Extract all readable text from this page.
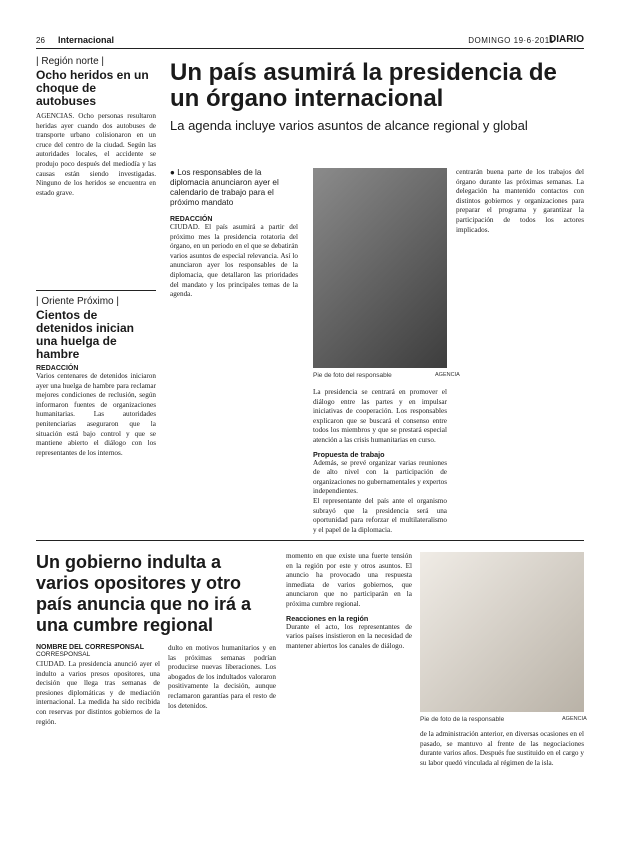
26 Internacional	DOMINGO 19·6·2011
DIARIO
| Región norte |
Ocho heridos en un choque de autobuses
AGENCIAS. Ocho personas resultaron heridas ayer cuando dos autobuses de transporte urbano colisionaron en un cruce del centro de la ciudad. Según las autoridades locales, el accidente se produjo poco después del mediodía y las causas están siendo investigadas. Ninguno de los heridos se encuentra en estado grave.
| Oriente Próximo |
Cientos de detenidos inician una huelga de hambre
REDACCIÓN
Varios centenares de detenidos iniciaron ayer una huelga de hambre para reclamar mejores condiciones de reclusión, según informaron fuentes de organizaciones humanitarias. Las autoridades penitenciarias aseguraron que la situación está bajo control y que se mantiene abierto el diálogo con los representantes de los internos.
Un país asumirá la presidencia de un órgano internacional
La agenda incluye varios asuntos de alcance regional y global
● Los responsables de la diplomacia anunciaron ayer el calendario de trabajo para el próximo mandato
REDACCIÓN
CIUDAD. El país asumirá a partir del próximo mes la presidencia rotatoria del órgano, en un periodo en el que se debatirán varios asuntos de especial relevancia. Así lo anunciaron ayer los responsables de la diplomacia, que detallaron las prioridades del mandato y los principales temas de la agenda.
Pie de foto del responsable	AGENCIA
La presidencia se centrará en promover el diálogo entre las partes y en impulsar iniciativas de cooperación. Los responsables explicaron que se buscará el consenso entre todos los miembros y que se prestará especial atención a las crisis humanitarias en curso.
Propuesta de trabajo
Además, se prevé organizar varias reuniones de alto nivel con la participación de organizaciones no gubernamentales y expertos independientes.
El representante del país ante el organismo subrayó que la presidencia será una oportunidad para reforzar el multilateralismo y el papel de la diplomacia.
centrarán buena parte de los trabajos del órgano durante las próximas semanas. La delegación ha mantenido contactos con distintos gobiernos y organizaciones para preparar el programa y garantizar la participación de todos los actores implicados.
Un gobierno indulta a varios opositores y otro país anuncia que no irá a una cumbre regional
NOMBRE DEL CORRESPONSAL
CORRESPONSAL
CIUDAD. La presidencia anunció ayer el indulto a varios presos opositores, una decisión que llega tras semanas de presiones diplomáticas y de mediación internacional. La medida ha sido recibida con reservas por distintos gobiernos de la región.
dulto en motivos humanitarios y en las próximas semanas podrían producirse nuevas liberaciones. Los abogados de los indultados valoraron positivamente la decisión, aunque reclamaron garantías para el resto de los detenidos.
momento en que existe una fuerte tensión en la región por este y otros asuntos. El anuncio ha provocado una respuesta inmediata de varios gobiernos, que anunciaron que no participarán en la próxima cumbre regional.
Reacciones en la región
Durante el acto, los representantes de varios países insistieron en la necesidad de mantener abiertos los canales de diálogo.
Pie de foto de la responsable	AGENCIA
de la administración anterior, en diversas ocasiones en el pasado, se mantuvo al frente de las negociaciones durante varios años. Después fue sustituido en el cargo y su labor quedó vinculada al régimen de la isla.
